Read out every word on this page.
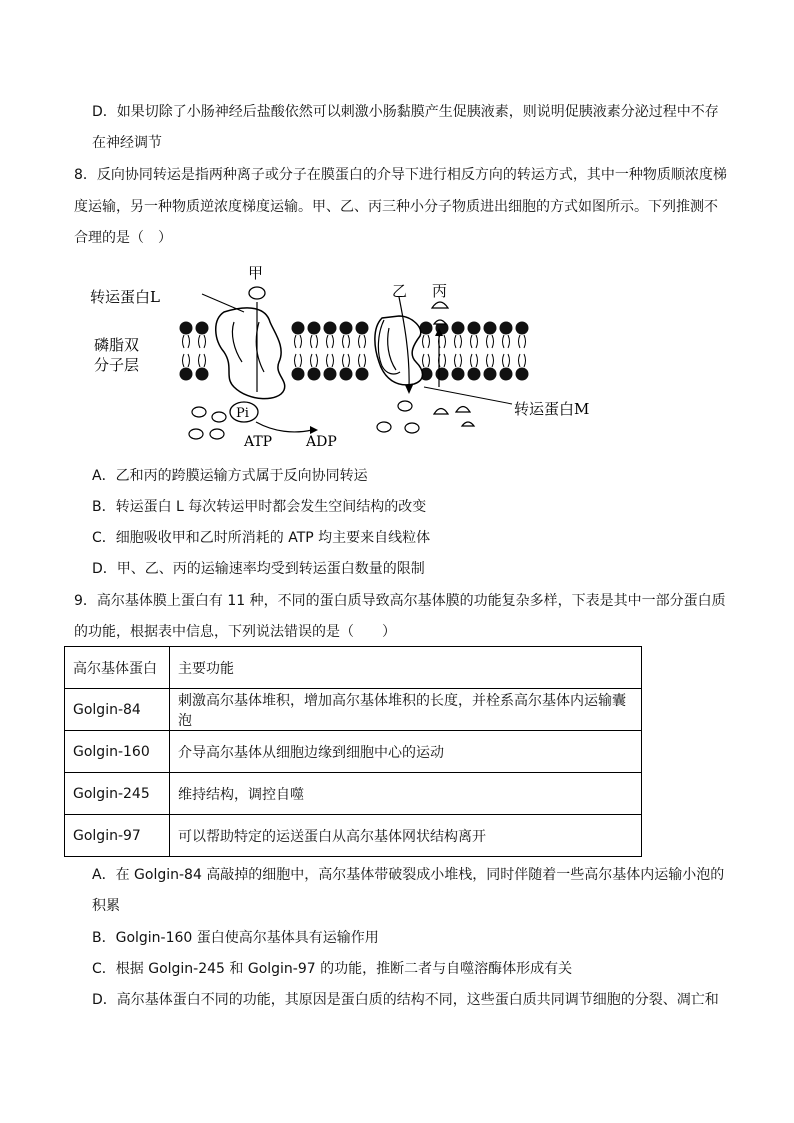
D．如果切除了小肠神经后盐酸依然可以刺激小肠黏膜产生促胰液素，则说明促胰液素分泌过程中不存
在神经调节
8．反向协同转运是指两种离子或分子在膜蛋白的介导下进行相反方向的转运方式，其中一种物质顺浓度梯
度运输，另一种物质逆浓度梯度运输。甲、乙、丙三种小分子物质进出细胞的方式如图所示。下列推测不
合理的是（　）
甲
乙 丙
转运蛋白L
转运蛋白M
磷脂双
分子层
Pi
ATP ADP
A．乙和丙的跨膜运输方式属于反向协同转运
B．转运蛋白 L 每次转运甲时都会发生空间结构的改变
C．细胞吸收甲和乙时所消耗的 ATP 均主要来自线粒体
D．甲、乙、丙的运输速率均受到转运蛋白数量的限制
9．高尔基体膜上蛋白有 11 种，不同的蛋白质导致高尔基体膜的功能复杂多样，下表是其中一部分蛋白质
的功能，根据表中信息，下列说法错误的是（　　）
高尔基体蛋白	主要功能
Golgin-84	刺激高尔基体堆积，增加高尔基体堆积的长度，并栓系高尔基体内运输囊泡
Golgin-160	介导高尔基体从细胞边缘到细胞中心的运动
Golgin-245	维持结构，调控自噬
Golgin-97	可以帮助特定的运送蛋白从高尔基体网状结构离开
A．在 Golgin-84 高敲掉的细胞中，高尔基体带破裂成小堆栈，同时伴随着一些高尔基体内运输小泡的
积累
B．Golgin-160 蛋白使高尔基体具有运输作用
C．根据 Golgin-245 和 Golgin-97 的功能，推断二者与自噬溶酶体形成有关
D．高尔基体蛋白不同的功能，其原因是蛋白质的结构不同，这些蛋白质共同调节细胞的分裂、凋亡和
